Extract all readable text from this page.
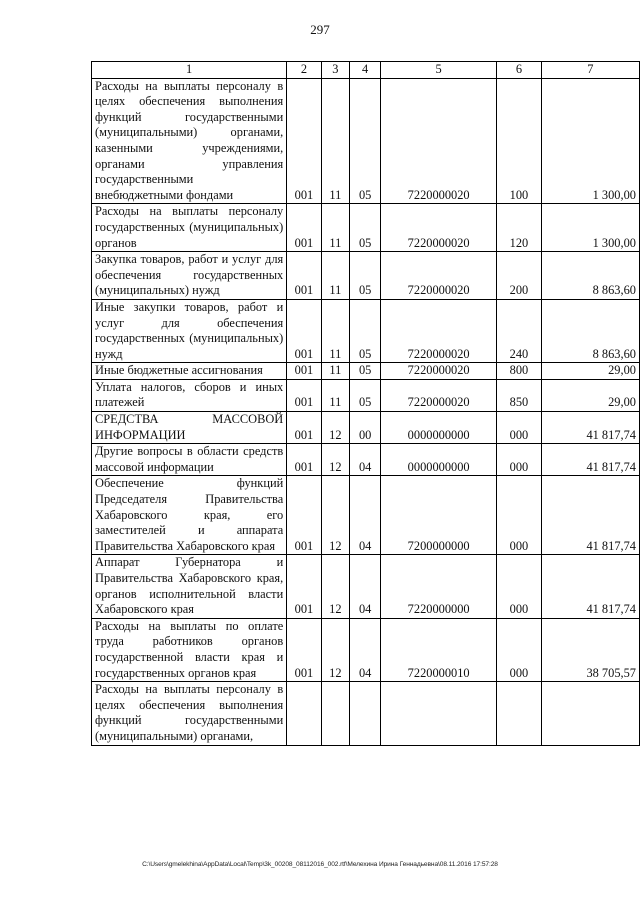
297
1	2	3	4	5	6	7
Расходы на выплаты персоналу в целях обеспечения выполнения функций государственными (муниципальными) органами, казенными учреждениями, органами управления государственными внебюджетными фондами	001	11	05	7220000020	100	1 300,00
Расходы на выплаты персоналу государственных (муниципальных) органов	001	11	05	7220000020	120	1 300,00
Закупка товаров, работ и услуг для обеспечения государственных (муниципальных) нужд	001	11	05	7220000020	200	8 863,60
Иные закупки товаров, работ и услуг для обеспечения государственных (муниципальных) нужд	001	11	05	7220000020	240	8 863,60
Иные бюджетные ассигнования	001	11	05	7220000020	800	29,00
Уплата налогов, сборов и иных платежей	001	11	05	7220000020	850	29,00
СРЕДСТВА МАССОВОЙ ИНФОРМАЦИИ	001	12	00	0000000000	000	41 817,74
Другие вопросы в области средств массовой информации	001	12	04	0000000000	000	41 817,74
Обеспечение функций Председателя Правительства Хабаровского края, его заместителей и аппарата Правительства Хабаровского края	001	12	04	7200000000	000	41 817,74
Аппарат Губернатора и Правительства Хабаровского края, органов исполнительной власти Хабаровского края	001	12	04	7220000000	000	41 817,74
Расходы на выплаты по оплате труда работников органов государственной власти края и государственных органов края	001	12	04	7220000010	000	38 705,57
Расходы на выплаты персоналу в целях обеспечения выполнения функций государственными (муниципальными) органами,						
C:\Users\gmelekhina\AppData\Local\Temp\3k_00208_08112016_002.rtf\Мелехина Ирина Геннадьевна\08.11.2016 17:57:28
